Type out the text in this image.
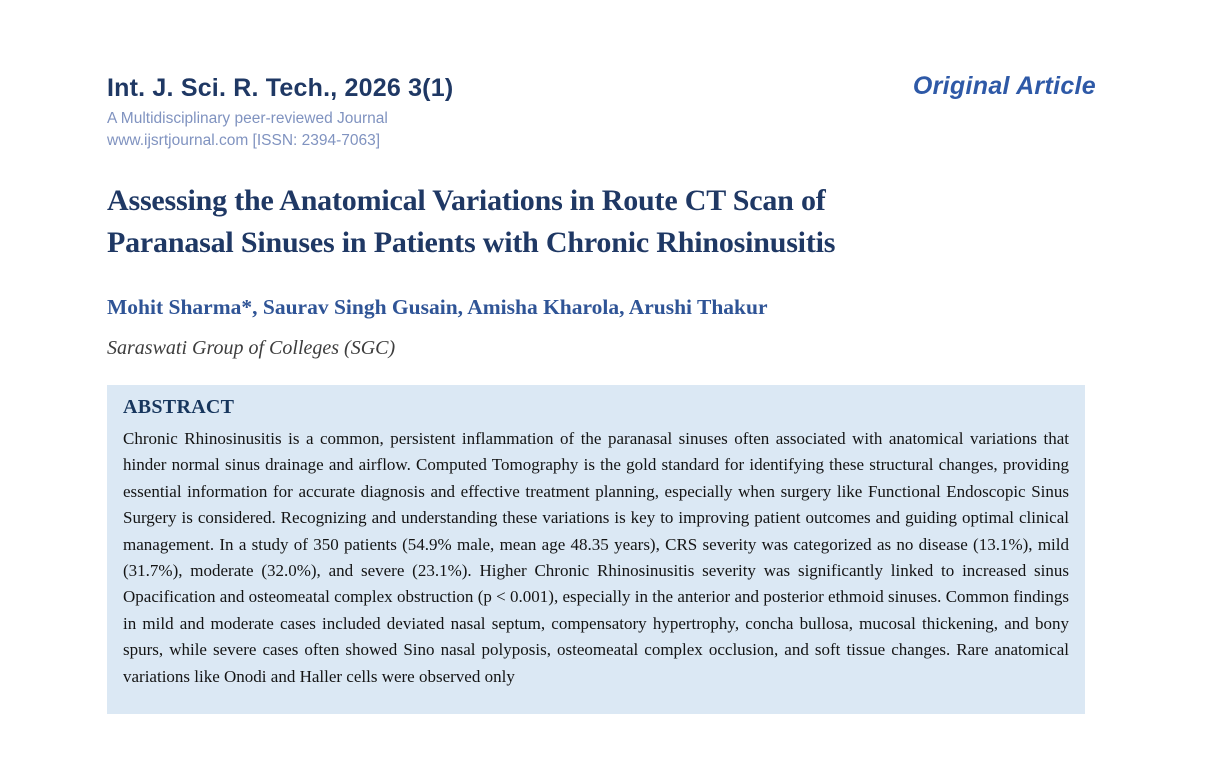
Int. J. Sci. R. Tech., 2026 3(1)
A Multidisciplinary peer-reviewed Journal
www.ijsrtjournal.com [ISSN: 2394-7063]
Original Article
Assessing the Anatomical Variations in Route CT Scan of
Paranasal Sinuses in Patients with Chronic Rhinosinusitis
Mohit Sharma*, Saurav Singh Gusain, Amisha Kharola, Arushi Thakur
Saraswati Group of Colleges (SGC)
ABSTRACT

Chronic Rhinosinusitis is a common, persistent inflammation of the paranasal sinuses often associated with anatomical variations that hinder normal sinus drainage and airflow. Computed Tomography is the gold standard for identifying these structural changes, providing essential information for accurate diagnosis and effective treatment planning, especially when surgery like Functional Endoscopic Sinus Surgery is considered. Recognizing and understanding these variations is key to improving patient outcomes and guiding optimal clinical management. In a study of 350 patients (54.9% male, mean age 48.35 years), CRS severity was categorized as no disease (13.1%), mild (31.7%), moderate (32.0%), and severe (23.1%). Higher Chronic Rhinosinusitis severity was significantly linked to increased sinus Opacification and osteomeatal complex obstruction (p < 0.001), especially in the anterior and posterior ethmoid sinuses. Common findings in mild and moderate cases included deviated nasal septum, compensatory hypertrophy, concha bullosa, mucosal thickening, and bony spurs, while severe cases often showed Sino nasal polyposis, osteomeatal complex occlusion, and soft tissue changes. Rare anatomical variations like Onodi and Haller cells were observed only
